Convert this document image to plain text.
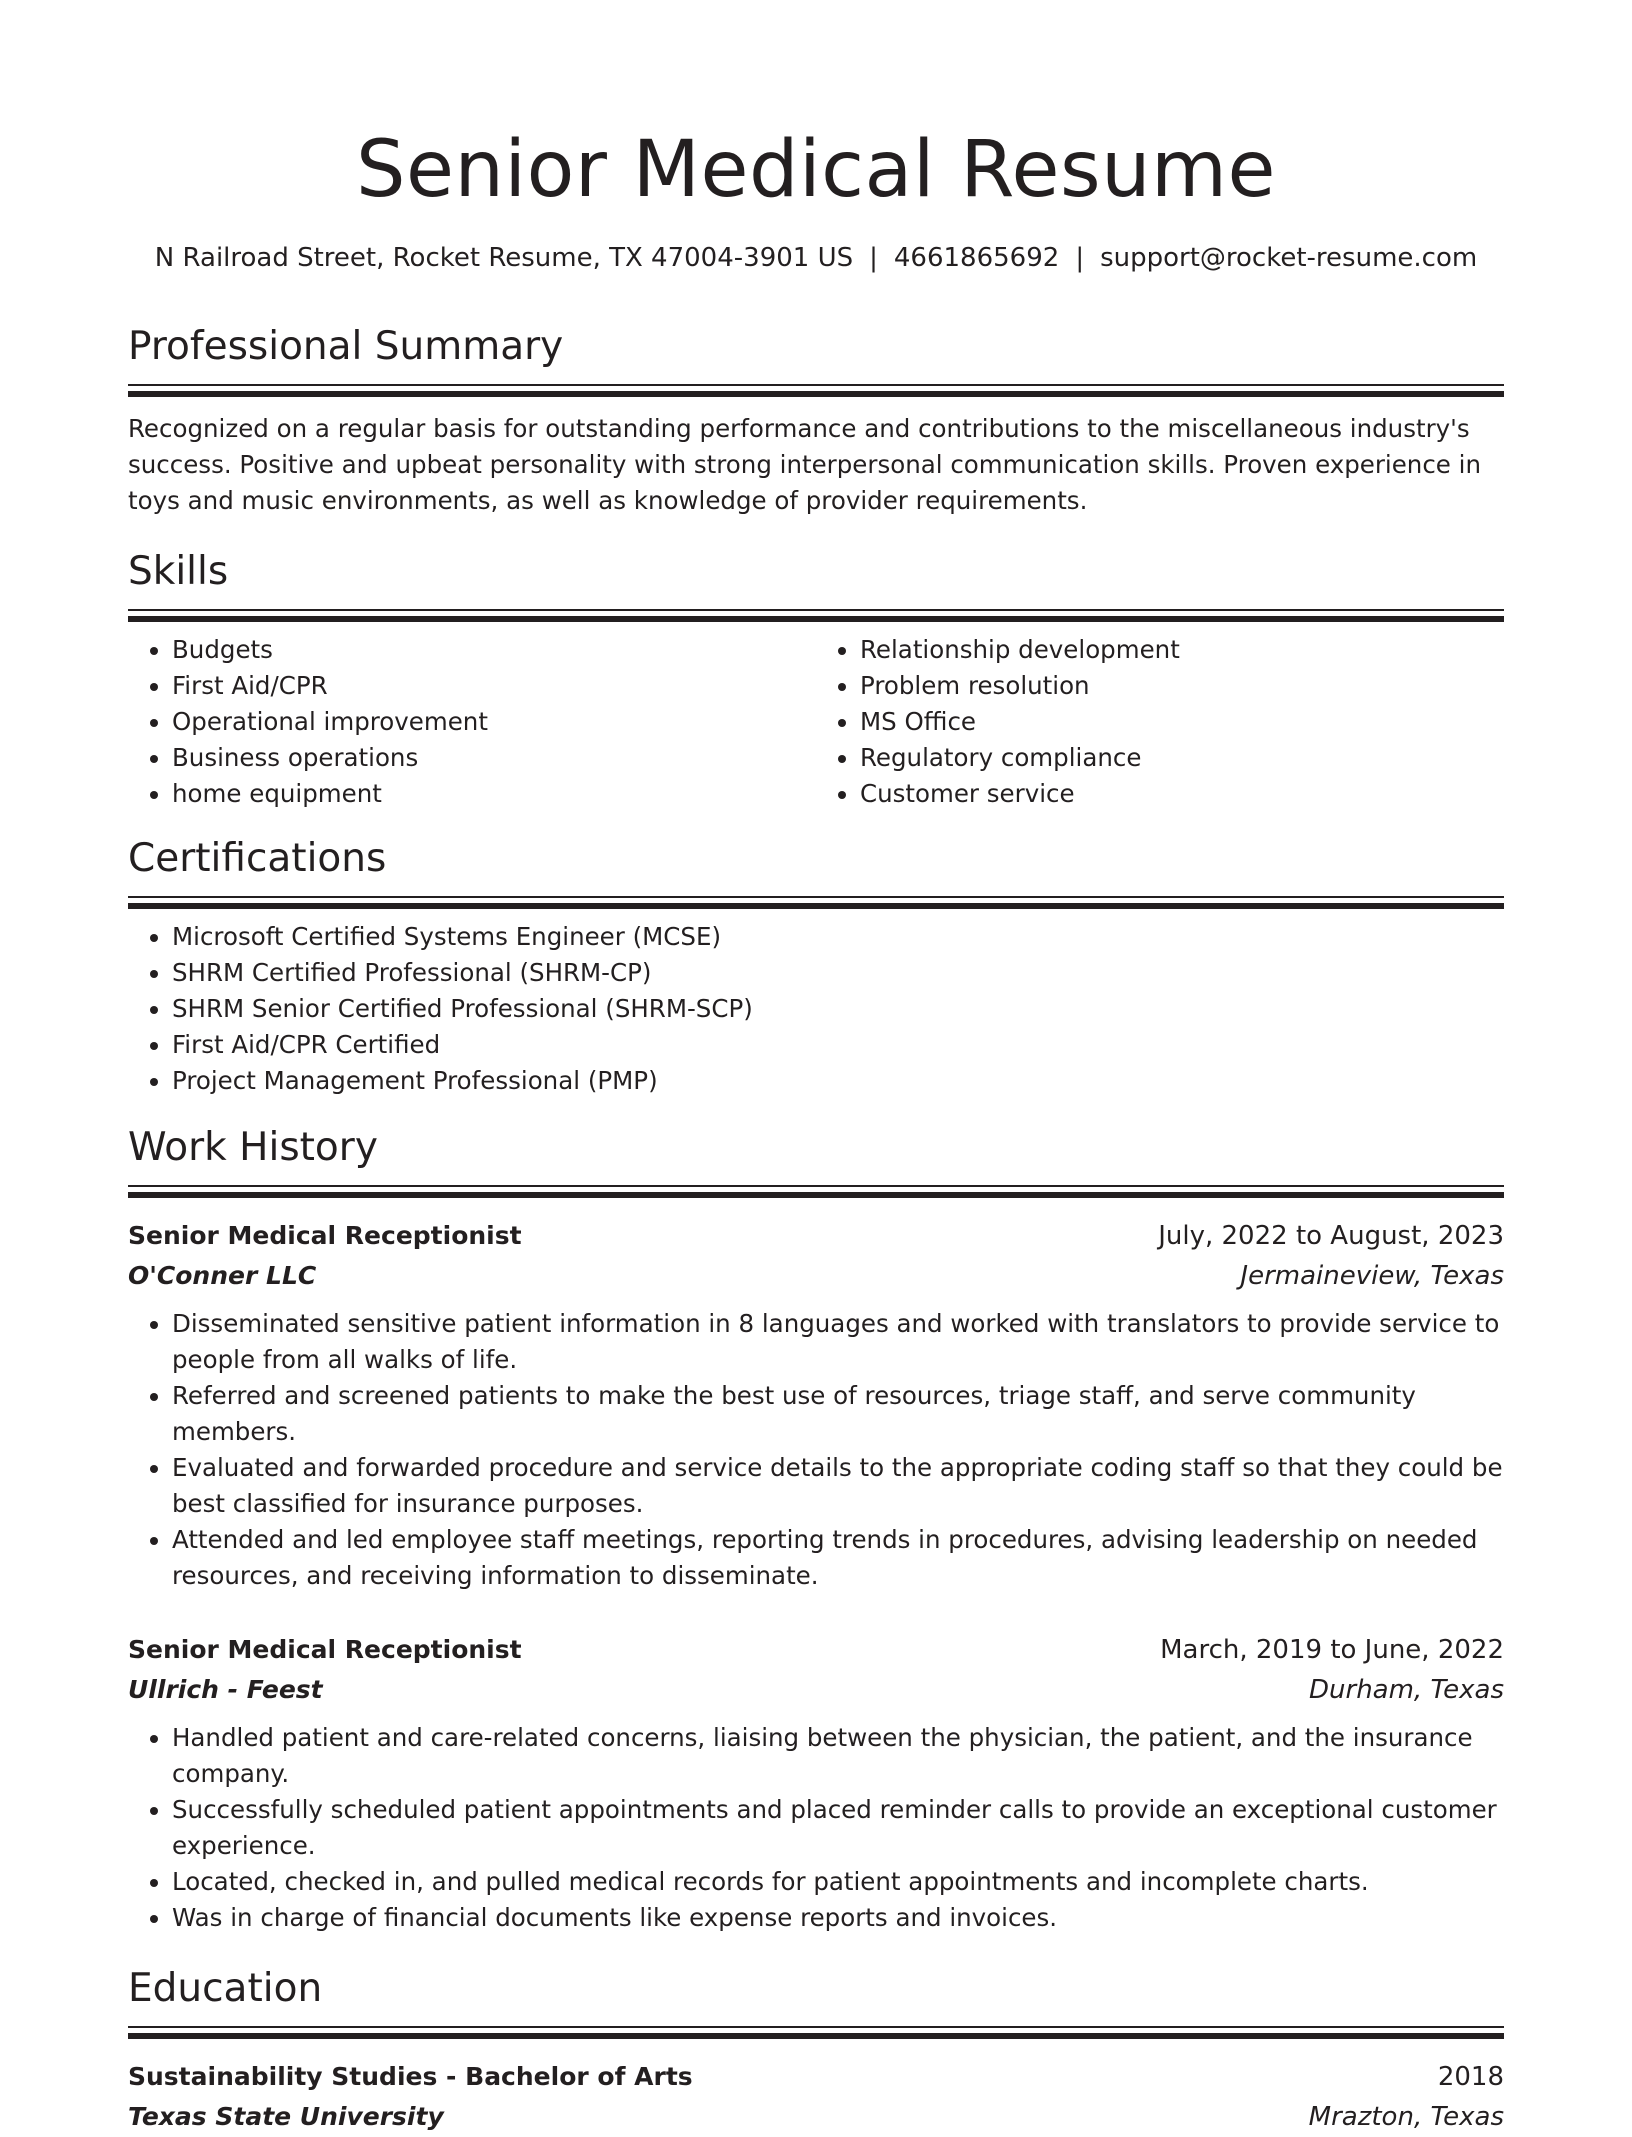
Senior Medical Resume
N Railroad Street, Rocket Resume, TX 47004-3901 US | 4661865692 | support@rocket-resume.com
Professional Summary

Recognized on a regular basis for outstanding performance and contributions to the miscellaneous industry's success. Positive and upbeat personality with strong interpersonal communication skills. Proven experience in toys and music environments, as well as knowledge of provider requirements.

Skills
• Budgets
• First Aid/CPR
• Operational improvement
• Business operations
• home equipment
• Relationship development
• Problem resolution
• MS Office
• Regulatory compliance
• Customer service
Certifications
• Microsoft Certified Systems Engineer (MCSE)
• SHRM Certified Professional (SHRM-CP)
• SHRM Senior Certified Professional (SHRM-SCP)
• First Aid/CPR Certified
• Project Management Professional (PMP)
Work History
Senior Medical Receptionist	July, 2022 to August, 2023
O'Conner LLC	Jermaineview, Texas
• Disseminated sensitive patient information in 8 languages and worked with translators to provide service to people from all walks of life.
• Referred and screened patients to make the best use of resources, triage staff, and serve community members.
• Evaluated and forwarded procedure and service details to the appropriate coding staff so that they could be best classified for insurance purposes.
• Attended and led employee staff meetings, reporting trends in procedures, advising leadership on needed resources, and receiving information to disseminate.
Senior Medical Receptionist	March, 2019 to June, 2022
Ullrich - Feest	Durham, Texas
• Handled patient and care-related concerns, liaising between the physician, the patient, and the insurance company.
• Successfully scheduled patient appointments and placed reminder calls to provide an exceptional customer experience.
• Located, checked in, and pulled medical records for patient appointments and incomplete charts.
• Was in charge of financial documents like expense reports and invoices.
Education
Sustainability Studies - Bachelor of Arts	2018
Texas State University	Mrazton, Texas
